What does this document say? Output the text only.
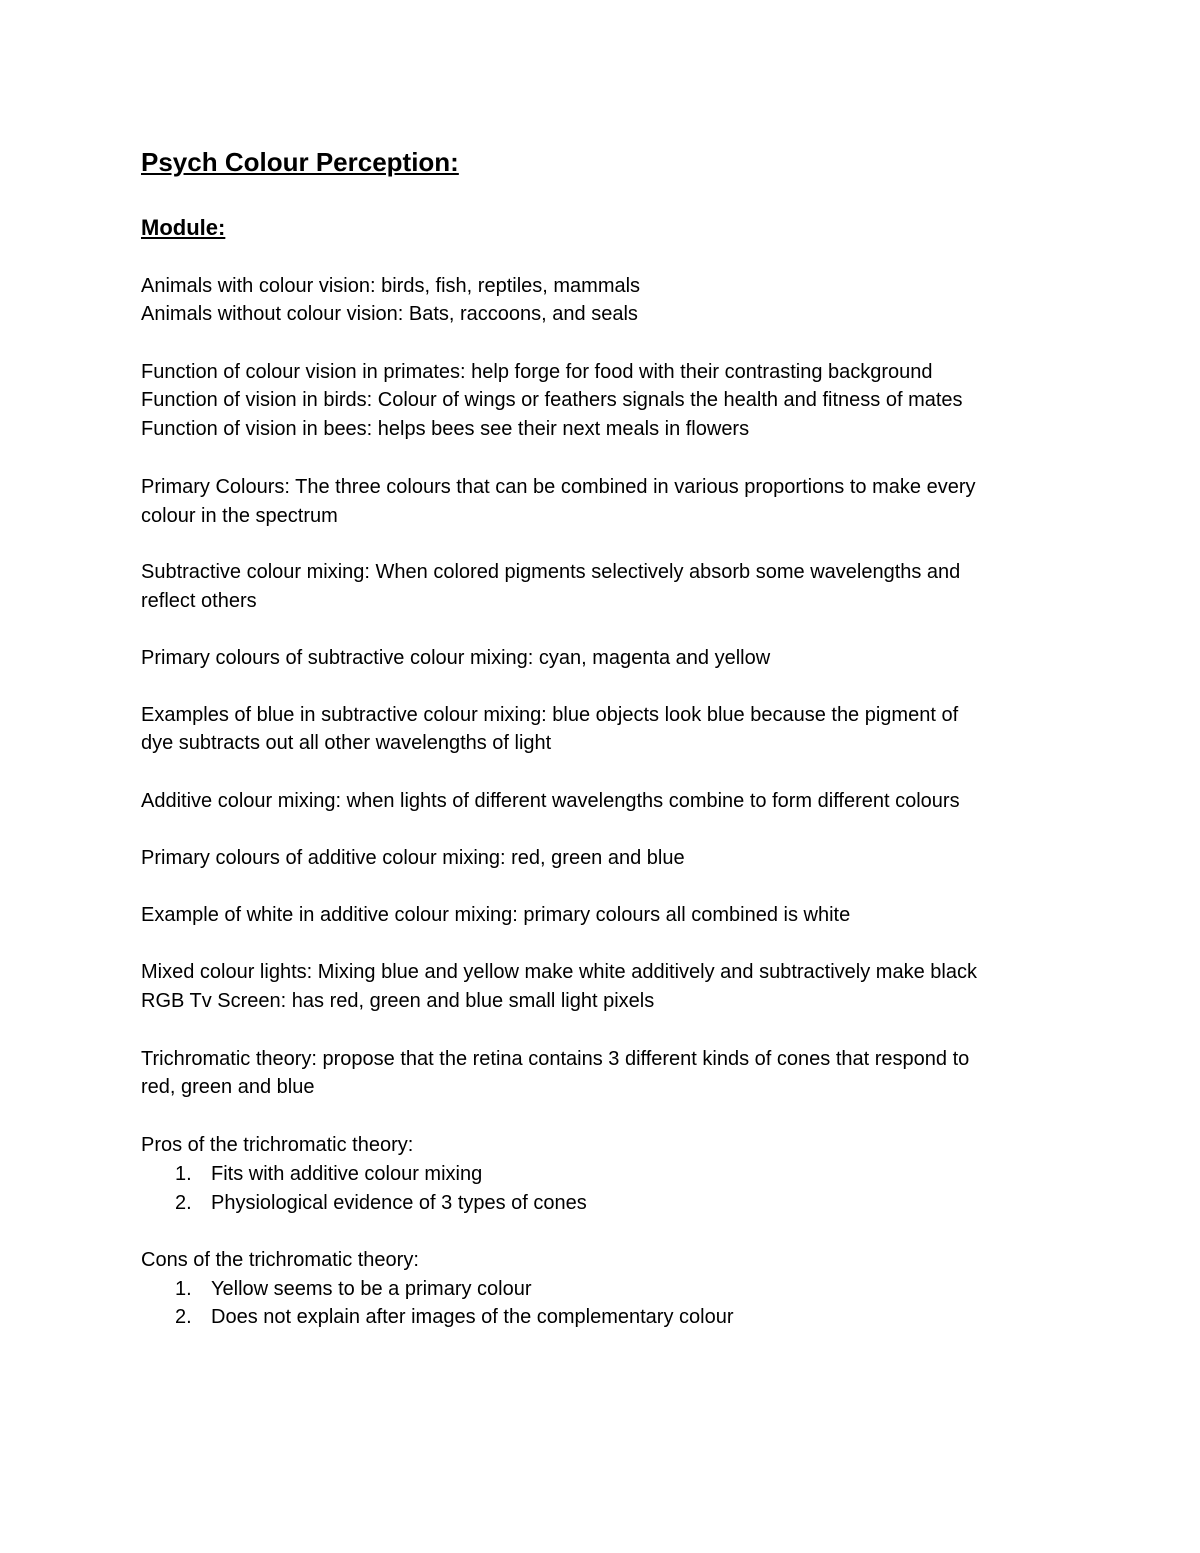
Psych Colour Perception:
Module:
Animals with colour vision: birds, fish, reptiles, mammals
Animals without colour vision: Bats, raccoons, and seals
Function of colour vision in primates: help forge for food with their contrasting background
Function of vision in birds: Colour of wings or feathers signals the health and fitness of mates
Function of vision in bees: helps bees see their next meals in flowers
Primary Colours: The three colours that can be combined in various proportions to make every
colour in the spectrum
Subtractive colour mixing: When colored pigments selectively absorb some wavelengths and
reflect others
Primary colours of subtractive colour mixing: cyan, magenta and yellow
Examples of blue in subtractive colour mixing: blue objects look blue because the pigment of
dye subtracts out all other wavelengths of light
Additive colour mixing: when lights of different wavelengths combine to form different colours
Primary colours of additive colour mixing: red, green and blue
Example of white in additive colour mixing: primary colours all combined is white
Mixed colour lights: Mixing blue and yellow make white additively and subtractively make black
RGB Tv Screen: has red, green and blue small light pixels
Trichromatic theory: propose that the retina contains 3 different kinds of cones that respond to
red, green and blue
Pros of the trichromatic theory:
1. Fits with additive colour mixing
2. Physiological evidence of 3 types of cones
Cons of the trichromatic theory:
1. Yellow seems to be a primary colour
2. Does not explain after images of the complementary colour
